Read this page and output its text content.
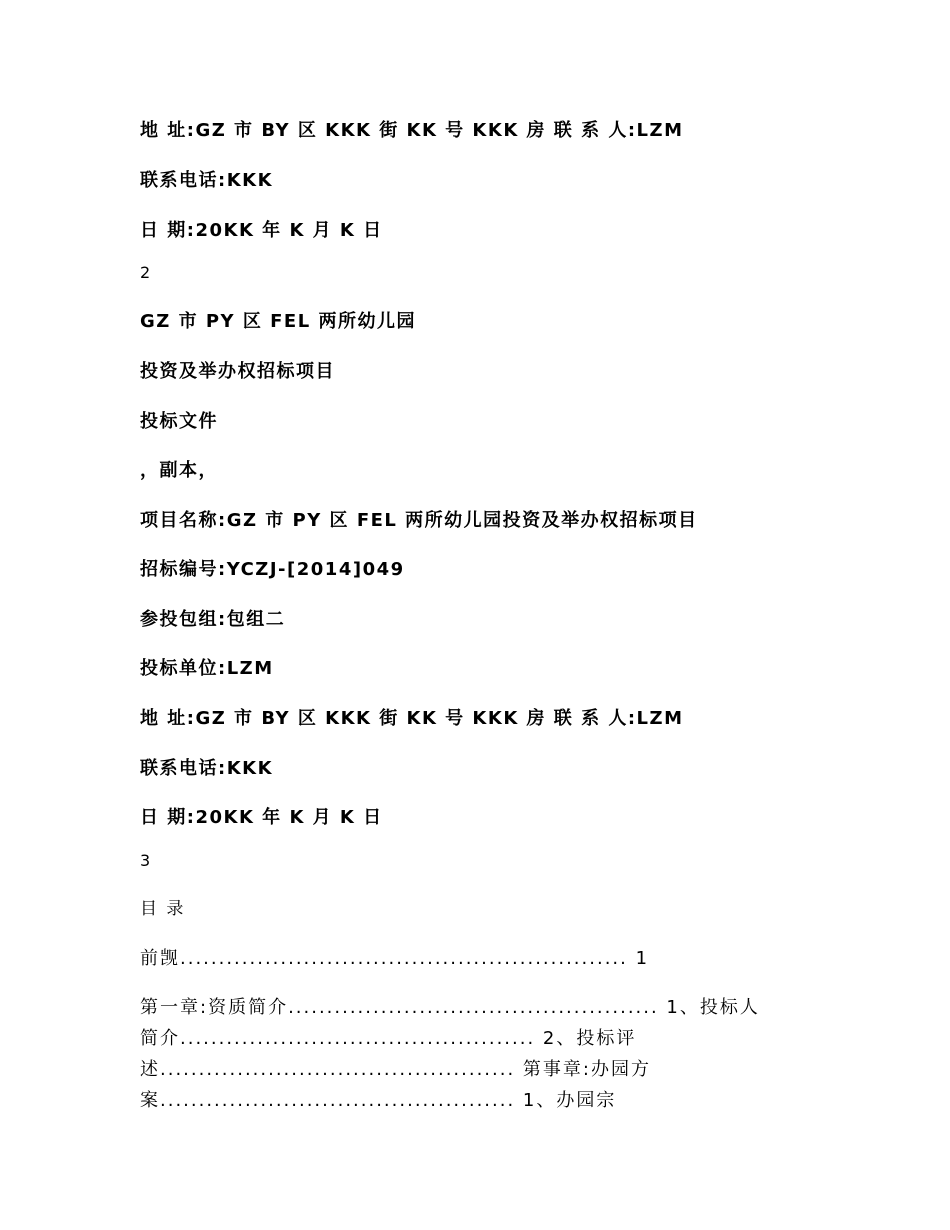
地 址:GZ 市 BY 区 KKK 街 KK 号 KKK 房 联 系 人:LZM
联系电话:KKK
日 期:20KK 年 K 月 K 日
2
GZ 市 PY 区 FEL 两所幼儿园
投资及举办权招标项目
投标文件
，副本，
项目名称:GZ 市 PY 区 FEL 两所幼儿园投资及举办权招标项目
招标编号:YCZJ-[2014]049
参投包组:包组二
投标单位:LZM
地 址:GZ 市 BY 区 KKK 街 KK 号 KKK 房 联 系 人:LZM
联系电话:KKK
日 期:20KK 年 K 月 K 日
3
目 录
前觊.......................................................... 1
第一章:资质简介................................................ 1、投标人
简介.............................................. 2、投标评
述.............................................. 第事章:办园方
案.............................................. 1、办园宗
